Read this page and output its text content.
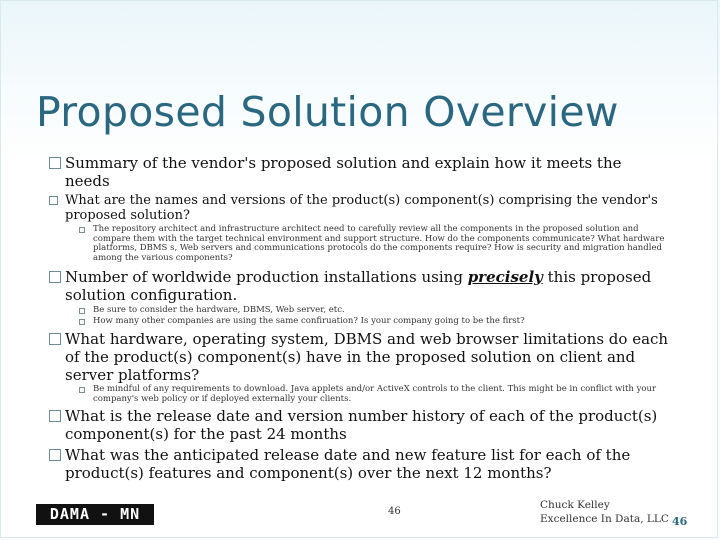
Proposed Solution Overview
Summary of the vendor's proposed solution and explain how it meets the needs
What are the names and versions of the product(s) component(s) comprising the vendor's proposed solution?
The repository architect and infrastructure architect need to carefully review all the components in the proposed solution and compare them with the target technical environment and support structure. How do the components communicate? What hardware platforms, DBMS s, Web servers and communications protocols do the components require? How is security and migration handled among the various components?
Number of worldwide production installations using precisely this proposed solution configuration.
Be sure to consider the hardware, DBMS, Web server, etc.
How many other companies are using the same confiruation? Is your company going to be the first?
What hardware, operating system, DBMS and web browser limitations do each of the product(s) component(s) have in the proposed solution on client and server platforms?
Be mindful of any requirements to download. Java applets and/or ActiveX controls to the client. This might be in conflict with your company's web policy or if deployed externally your clients.
What is the release date and version number history of each of the product(s) component(s) for the past 24 months
What was the anticipated release date and new feature list for each of the product(s) features and component(s) over the next 12 months?
DAMA - MN	46
Chuck Kelley
Excellence In Data, LLC 46
